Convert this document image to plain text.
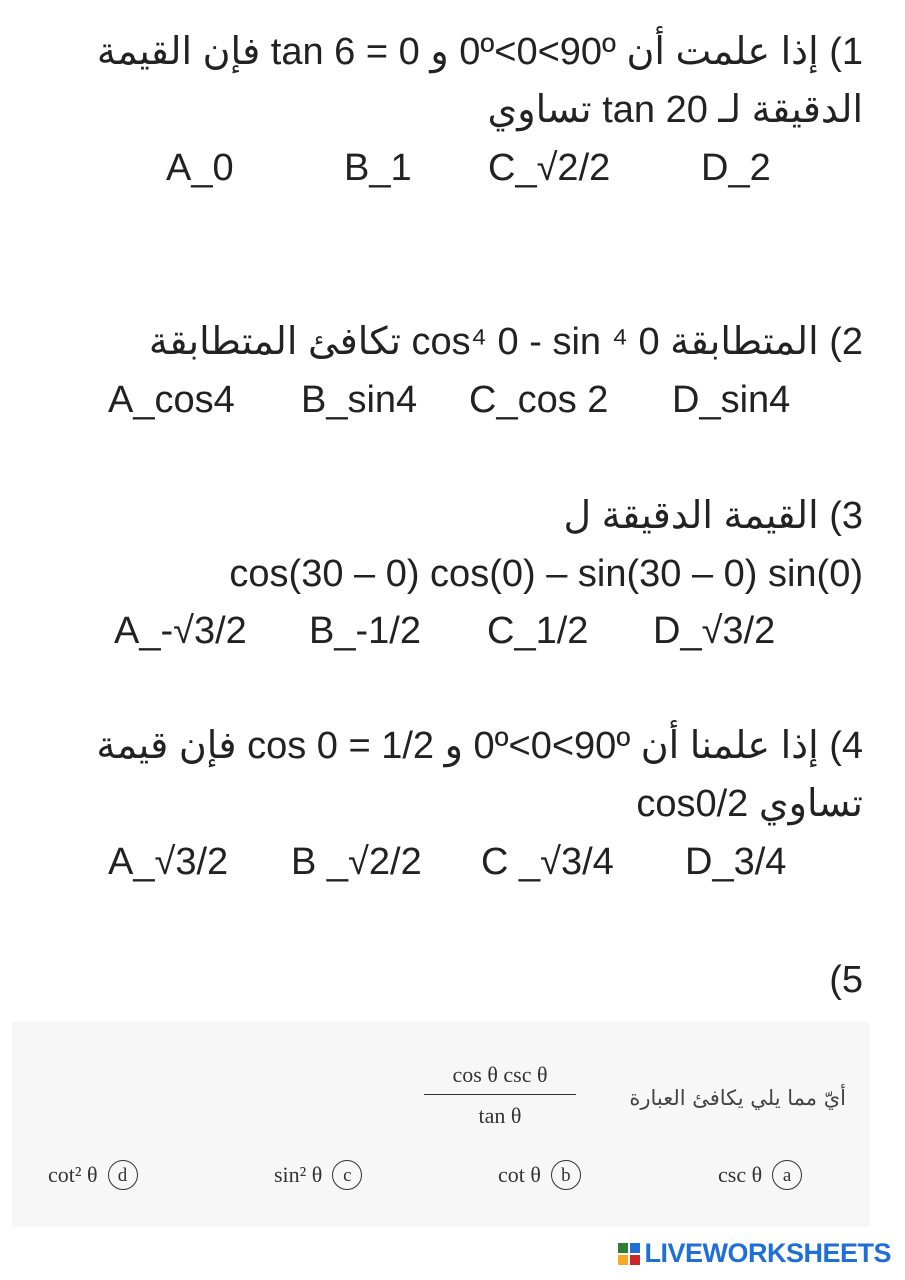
1) إذا علمت أن 0º<0<90º و 0 = tan 6 فإن القيمة
الدقيقة لـ tan 20 تساوي
A_0	B_1	C_√2/2	D_2
2) المتطابقة cos⁴ 0 - sin ⁴ 0 تكافئ المتطابقة
A_cos4	B_sin4	C_cos 2	D_sin4
3) القيمة الدقيقة ل
cos(30 – 0) cos(0) – sin(30 – 0) sin(0)
A_-√3/2	B_-1/2	C_1/2	D_√3/2
4) إذا علمنا أن 0º<0<90º و cos 0 = 1/2 فإن قيمة
cos0/2 تساوي
A_√3/2	B _√2/2	C _√3/4	D_3/4
(5
cos θ csc θ
tan θ
أيّ مما يلي يكافئ العبارة
cot² θ	d	sin² θ	c	cot θ	b	csc θ	a
LIVEWORKSHEETS
